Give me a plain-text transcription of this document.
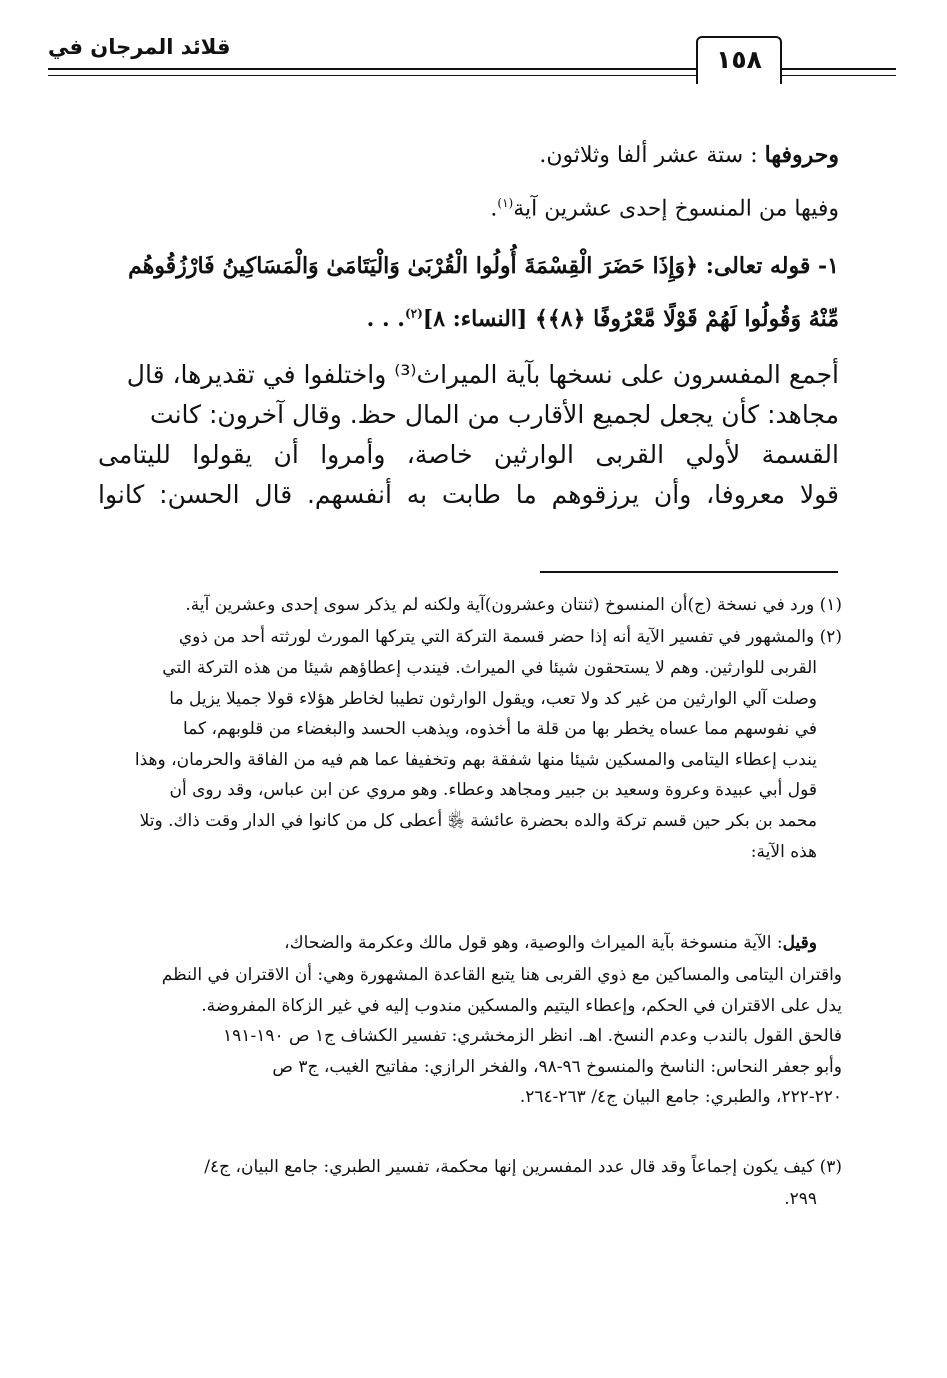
قلائد المرجان في	١٥٨
وحروفها : ستة عشر ألفا وثلاثون.
وفيها من المنسوخ إحدى عشرين آية$^{(١)}$.
١- قوله تعالى: ﴿وَإِذَا حَضَرَ الْقِسْمَةَ أُولُوا الْقُرْبَىٰ وَالْيَتَامَىٰ وَالْمَسَاكِينُ فَارْزُقُوهُم
مِّنْهُ وَقُولُوا لَهُمْ قَوْلًا مَّعْرُوفًا ﴿٨﴾﴾ [النساء: ٨]$^{(٢)}$. . .
أجمع المفسرون على نسخها بآية الميراث⁽³⁾ واختلفوا في تقديرها، قال
مجاهد: كأن يجعل لجميع الأقارب من المال حظ. وقال آخرون: كانت
القسمة لأولي القربى الوارثين خاصة، وأمروا أن يقولوا لليتامى
قولا معروفا، وأن يرزقوهم ما طابت به أنفسهم. قال الحسن: كانوا
(١) ورد في نسخة (ج)أن المنسوخ (ثنتان وعشرون)آية ولكنه لم يذكر سوى إحدى وعشرين آية.
(٢) والمشهور في تفسير الآية أنه إذا حضر قسمة التركة التي يتركها المورث لورثته أحد من ذوي
القربى للوارثين. وهم لا يستحقون شيئا في الميراث. فيندب إعطاؤهم شيئا من هذه التركة التي
وصلت آلي الوارثين من غير كد ولا تعب، ويقول الوارثون تطيبا لخاطر هؤلاء قولا جميلا يزيل ما
في نفوسهم مما عساه يخطر بها من قلة ما أخذوه، ويذهب الحسد والبغضاء من قلوبهم، كما
يندب إعطاء اليتامى والمسكين شيئا منها شفقة بهم وتخفيفا عما هم فيه من الفاقة والحرمان، وهذا
قول أبي عبيدة وعروة وسعيد بن جبير ومجاهد وعطاء. وهو مروي عن ابن عباس، وقد روى أن
محمد بن بكر حين قسم تركة والده بحضرة عائشة ﵂ أعطى كل من كانوا في الدار وقت ذاك. وتلا
هذه الآية:
وقيل: الآية منسوخة بآية الميراث والوصية، وهو قول مالك وعكرمة والضحاك،
واقتران اليتامى والمساكين مع ذوي القربى هنا يتبع القاعدة المشهورة وهي: أن الاقتران في النظم
يدل على الاقتران في الحكم، وإعطاء اليتيم والمسكين مندوب إليه في غير الزكاة المفروضة.
فالحق القول بالندب وعدم النسخ. اهـ. انظر الزمخشري: تفسير الكشاف ج١ ص ١٩٠-١٩١
وأبو جعفر النحاس: الناسخ والمنسوخ ٩٦-٩٨، والفخر الرازي: مفاتيح الغيب، ج٣ ص
٢٢٠-٢٢٢، والطبري: جامع البيان ج٤/ ٢٦٣-٢٦٤.
(٣) كيف يكون إجماعاً وقد قال عدد المفسرين إنها محكمة، تفسير الطبري: جامع البيان، ج٤/
٢٩٩.
